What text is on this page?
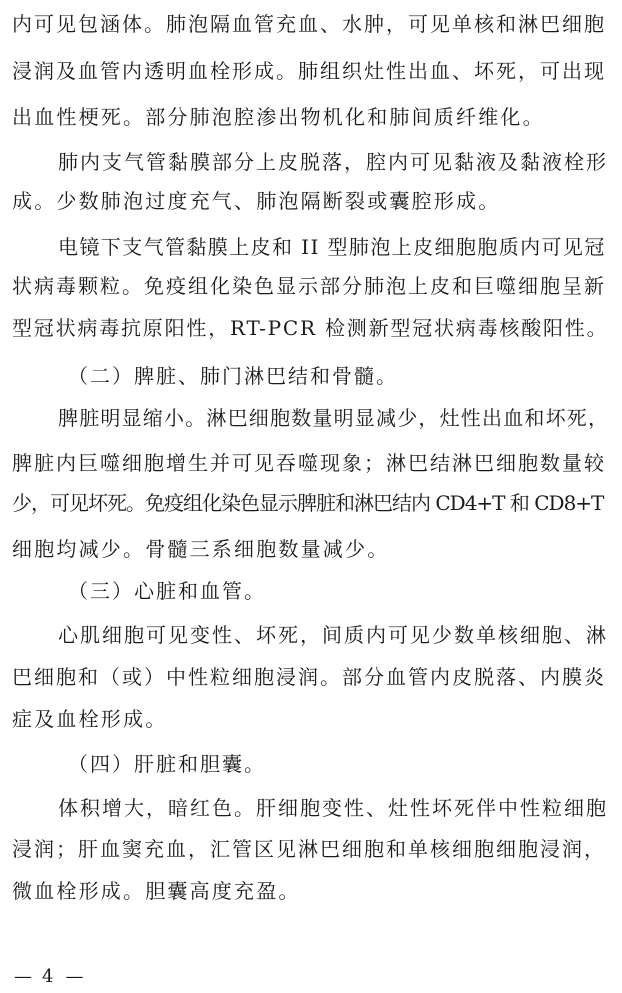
内可见包涵体。肺泡隔血管充血、水肿，可见单核和淋巴细胞
浸润及血管内透明血栓形成。肺组织灶性出血、坏死，可出现
出血性梗死。部分肺泡腔渗出物机化和肺间质纤维化。
肺内支气管黏膜部分上皮脱落，腔内可见黏液及黏液栓形
成。少数肺泡过度充气、肺泡隔断裂或囊腔形成。
电镜下支气管黏膜上皮和 II 型肺泡上皮细胞胞质内可见冠
状病毒颗粒。免疫组化染色显示部分肺泡上皮和巨噬细胞呈新
型冠状病毒抗原阳性，RT-PCR 检测新型冠状病毒核酸阳性。
（二）脾脏、肺门淋巴结和骨髓。
脾脏明显缩小。淋巴细胞数量明显减少，灶性出血和坏死，
脾脏内巨噬细胞增生并可见吞噬现象；淋巴结淋巴细胞数量较
少，可见坏死。免疫组化染色显示脾脏和淋巴结内 CD4+T 和 CD8+T
细胞均减少。骨髓三系细胞数量减少。
（三）心脏和血管。
心肌细胞可见变性、坏死，间质内可见少数单核细胞、淋
巴细胞和（或）中性粒细胞浸润。部分血管内皮脱落、内膜炎
症及血栓形成。
（四）肝脏和胆囊。
体积增大，暗红色。肝细胞变性、灶性坏死伴中性粒细胞
浸润；肝血窦充血，汇管区见淋巴细胞和单核细胞细胞浸润，
微血栓形成。胆囊高度充盈。
— 4 —
